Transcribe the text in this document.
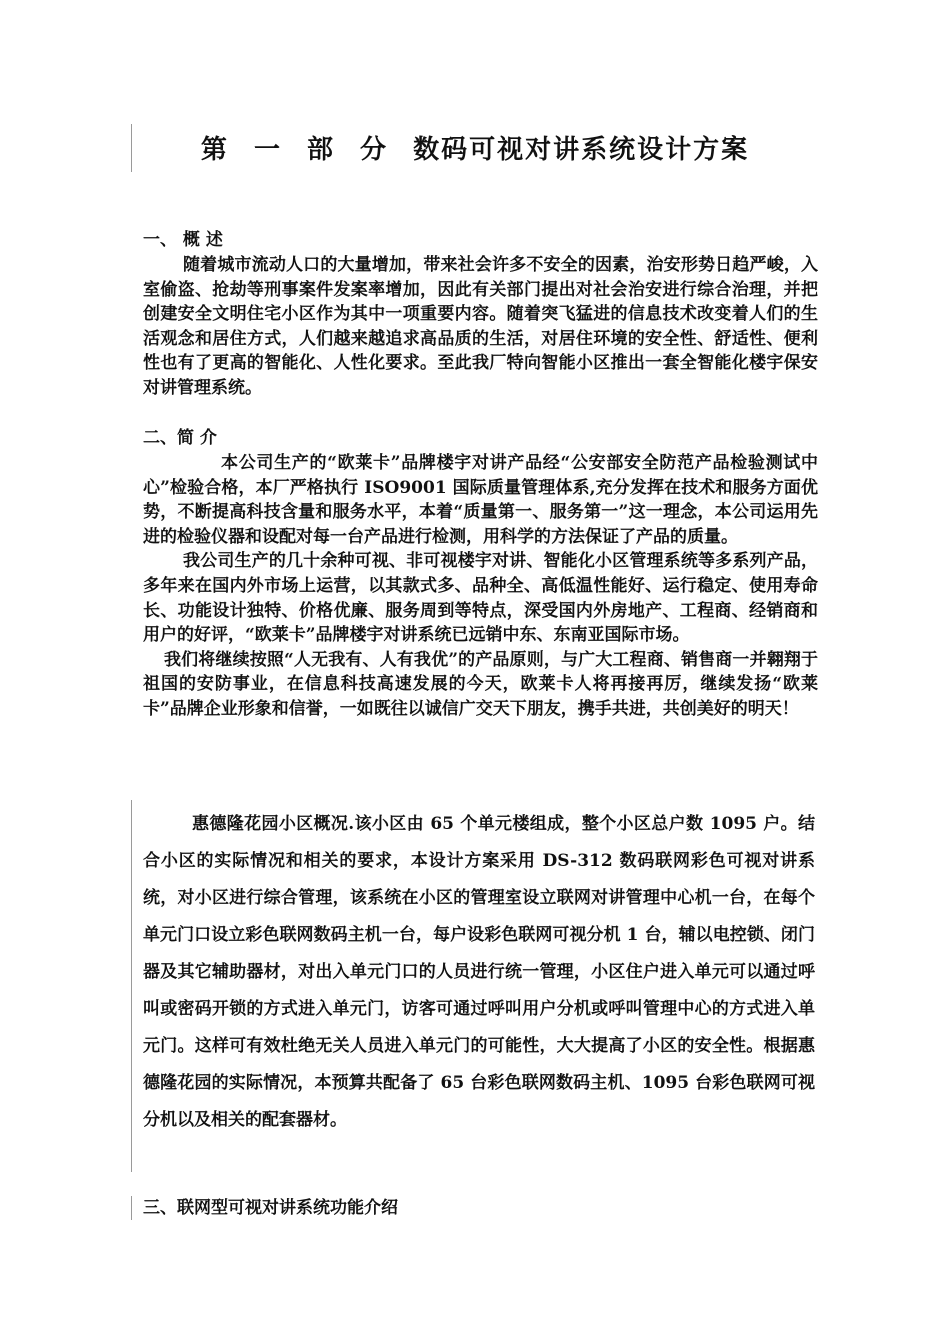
第 一 部 分 数码可视对讲系统设计方案
一、 概 述

随着城市流动人口的大量增加，带来社会许多不安全的因素，治安形势日趋严峻，入室偷盗、抢劫等刑事案件发案率增加，因此有关部门提出对社会治安进行综合治理，并把创建安全文明住宅小区作为其中一项重要内容。随着突飞猛进的信息技术改变着人们的生活观念和居住方式，人们越来越追求高品质的生活，对居住环境的安全性、舒适性、便利性也有了更高的智能化、人性化要求。至此我厂特向智能小区推出一套全智能化楼宇保安对讲管理系统。

二、简 介

本公司生产的“欧莱卡”品牌楼宇对讲产品经“公安部安全防范产品检验测试中心”检验合格，本厂严格执行 ISO9001 国际质量管理体系,充分发挥在技术和服务方面优势，不断提高科技含量和服务水平，本着“质量第一、服务第一”这一理念，本公司运用先进的检验仪器和设配对每一台产品进行检测，用科学的方法保证了产品的质量。

我公司生产的几十余种可视、非可视楼宇对讲、智能化小区管理系统等多系列产品，多年来在国内外市场上运营，以其款式多、品种全、高低温性能好、运行稳定、使用寿命长、功能设计独特、价格优廉、服务周到等特点，深受国内外房地产、工程商、经销商和用户的好评，“欧莱卡”品牌楼宇对讲系统已远销中东、东南亚国际市场。

我们将继续按照“人无我有、人有我优”的产品原则，与广大工程商、销售商一并翱翔于祖国的安防事业，在信息科技高速发展的今天，欧莱卡人将再接再厉，继续发扬“欧莱卡”品牌企业形象和信誉，一如既往以诚信广交天下朋友，携手共进，共创美好的明天！

惠德隆花园小区概况.该小区由 65 个单元楼组成，整个小区总户数 1095 户。结合小区的实际情况和相关的要求，本设计方案采用 DS-312 数码联网彩色可视对讲系统，对小区进行综合管理，该系统在小区的管理室设立联网对讲管理中心机一台，在每个单元门口设立彩色联网数码主机一台，每户设彩色联网可视分机 1 台，辅以电控锁、闭门器及其它辅助器材，对出入单元门口的人员进行统一管理，小区住户进入单元可以通过呼叫或密码开锁的方式进入单元门，访客可通过呼叫用户分机或呼叫管理中心的方式进入单元门。这样可有效杜绝无关人员进入单元门的可能性，大大提高了小区的安全性。根据惠德隆花园的实际情况，本预算共配备了 65 台彩色联网数码主机、1095 台彩色联网可视分机以及相关的配套器材。

三、联网型可视对讲系统功能介绍
